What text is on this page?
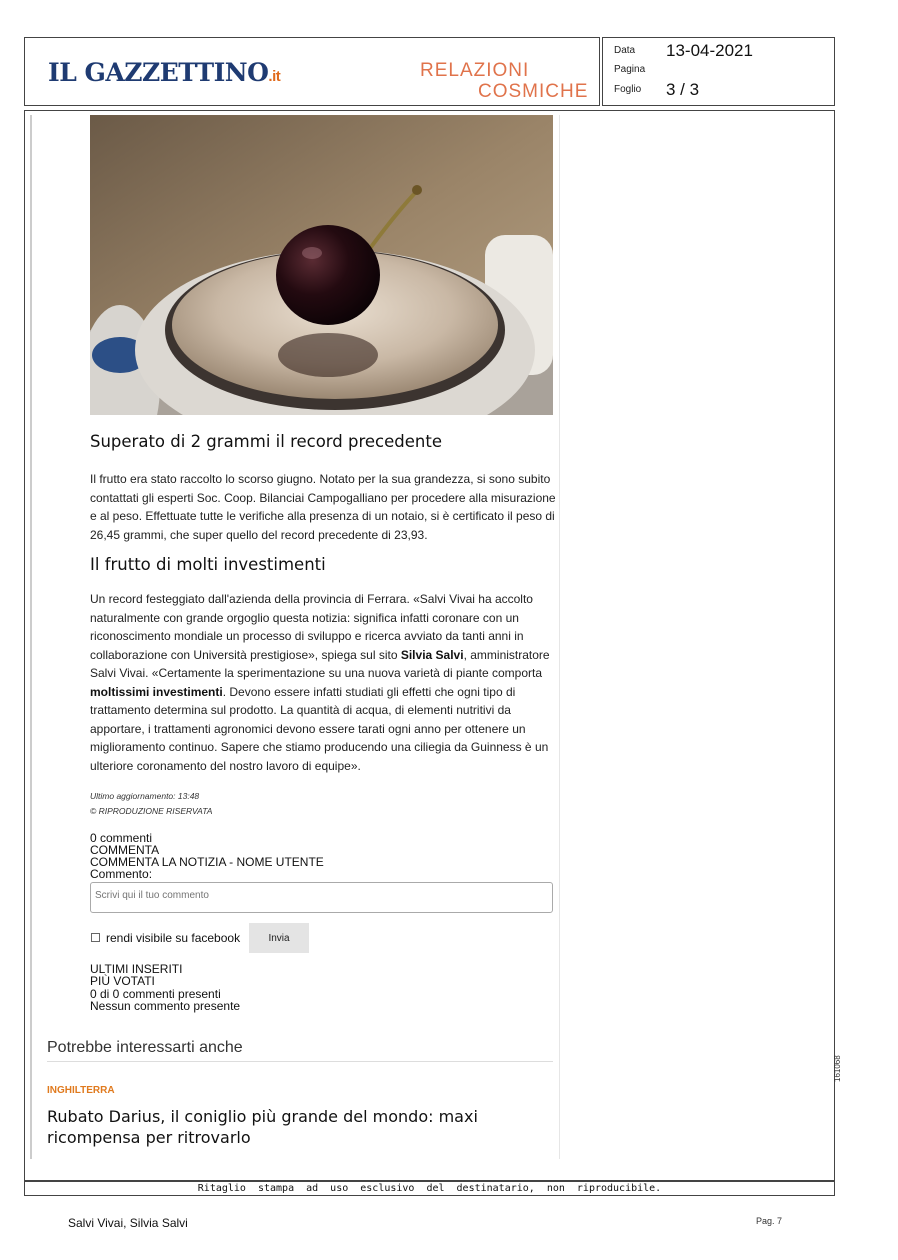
IL GAZZETTINO.it	RELAZIONI
COSMICHE
Data 13-04-2021
Pagina
Foglio 3 / 3
Superato di 2 grammi il record precedente
Il frutto era stato raccolto lo scorso giugno. Notato per la sua grandezza, si sono subito contattati gli esperti Soc. Coop. Bilanciai Campogalliano per procedere alla misurazione e al peso. Effettuate tutte le verifiche alla presenza di un notaio, si è certificato il peso di 26,45 grammi, che super quello del record precedente di 23,93.
Il frutto di molti investimenti
Un record festeggiato dall'azienda della provincia di Ferrara. «Salvi Vivai ha accolto naturalmente con grande orgoglio questa notizia: significa infatti coronare con un riconoscimento mondiale un processo di sviluppo e ricerca avviato da tanti anni in collaborazione con Università prestigiose», spiega sul sito Silvia Salvi, amministratore Salvi Vivai. «Certamente la sperimentazione su una nuova varietà di piante comporta moltissimi investimenti. Devono essere infatti studiati gli effetti che ogni tipo di trattamento determina sul prodotto. La quantità di acqua, di elementi nutritivi da apportare, i trattamenti agronomici devono essere tarati ogni anno per ottenere un miglioramento continuo. Sapere che stiamo producendo una ciliegia da Guinness è un ulteriore coronamento del nostro lavoro di equipe».
Ultimo aggiornamento: 13:48
© RIPRODUZIONE RISERVATA
0 commenti
COMMENTA
COMMENTA LA NOTIZIA - NOME UTENTE
Commento:
Scrivi qui il tuo commento
rendi visibile su facebook	Invia
ULTIMI INSERITI
PIÙ VOTATI
0 di 0 commenti presenti
Nessun commento presente
Potrebbe interessarti anche
INGHILTERRA
Rubato Darius, il coniglio più grande del mondo: maxi ricompensa per ritrovarlo
Ritaglio stampa ad uso esclusivo del destinatario, non riproducibile.
Salvi Vivai, Silvia Salvi	Pag. 7
161068
